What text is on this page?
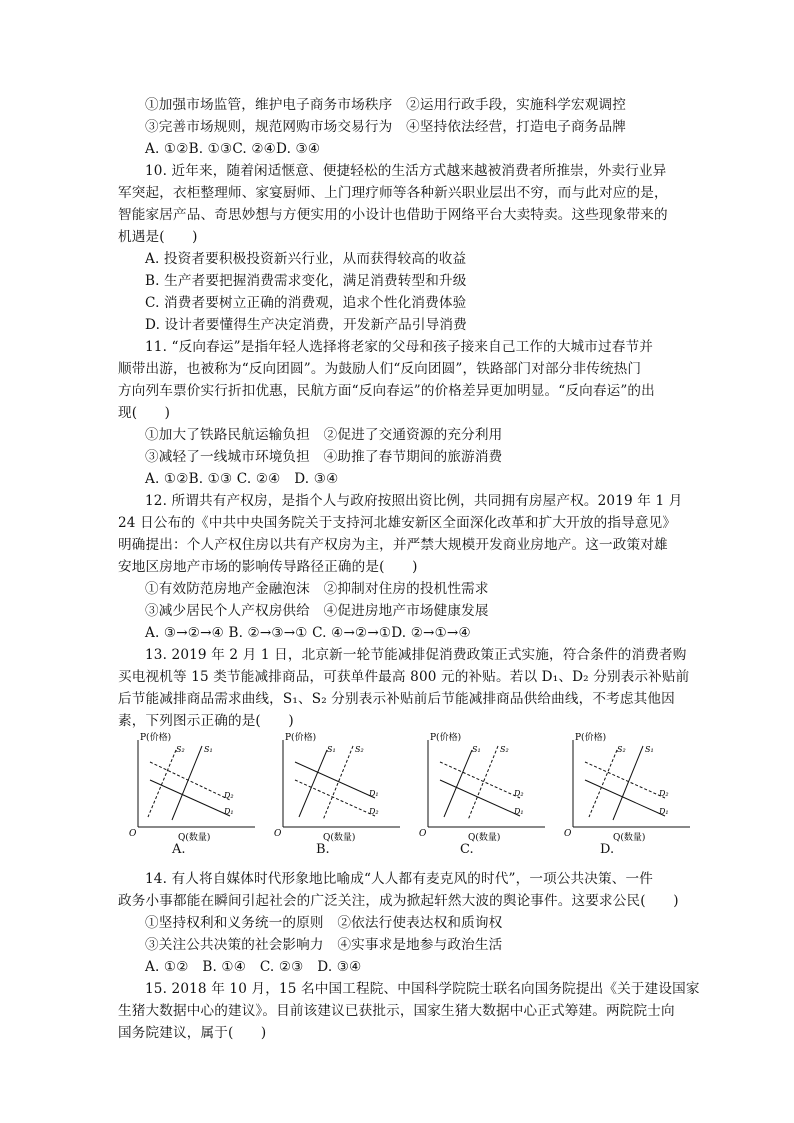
①加强市场监管，维护电子商务市场秩序　②运用行政手段，实施科学宏观调控
③完善市场规则，规范网购市场交易行为　④坚持依法经营，打造电子商务品牌
A. ①②B. ①③C. ②④D. ③④
10. 近年来，随着闲适惬意、便捷轻松的生活方式越来越被消费者所推崇，外卖行业异
军突起，衣柜整理师、家宴厨师、上门理疗师等各种新兴职业层出不穷，而与此对应的是，
智能家居产品、奇思妙想与方便实用的小设计也借助于网络平台大卖特卖。这些现象带来的
机遇是(　　)
A. 投资者要积极投资新兴行业，从而获得较高的收益
B. 生产者要把握消费需求变化，满足消费转型和升级
C. 消费者要树立正确的消费观，追求个性化消费体验
D. 设计者要懂得生产决定消费，开发新产品引导消费
11. “反向春运”是指年轻人选择将老家的父母和孩子接来自己工作的大城市过春节并
顺带出游，也被称为“反向团圆”。为鼓励人们“反向团圆”，铁路部门对部分非传统热门
方向列车票价实行折扣优惠，民航方面“反向春运”的价格差异更加明显。“反向春运”的出
现(　　)
①加大了铁路民航运输负担　②促进了交通资源的充分利用
③减轻了一线城市环境负担　④助推了春节期间的旅游消费
A. ①②B. ①③ C. ②④　D. ③④
12. 所谓共有产权房，是指个人与政府按照出资比例，共同拥有房屋产权。2019 年 1 月
24 日公布的《中共中央国务院关于支持河北雄安新区全面深化改革和扩大开放的指导意见》
明确提出：个人产权住房以共有产权房为主，并严禁大规模开发商业房地产。这一政策对雄
安地区房地产市场的影响传导路径正确的是(　　)
①有效防范房地产金融泡沫　②抑制对住房的投机性需求
③减少居民个人产权房供给　④促进房地产市场健康发展
A. ③→②→④ B. ②→③→① C. ④→②→①D. ②→①→④
13. 2019 年 2 月 1 日，北京新一轮节能减排促消费政策正式实施，符合条件的消费者购
买电视机等 15 类节能减排商品，可获单件最高 800 元的补贴。若以 D₁、D₂ 分别表示补贴前
后节能减排商品需求曲线，S₁、S₂ 分别表示补贴前后节能减排商品供给曲线，不考虑其他因
素，下列图示正确的是(　　)
P(价格)
Q(数量)
O
S₂ S₁
D₂
D₁
P(价格)
Q(数量)
O
S₁ S₂
D₁
D₂
P(价格)
Q(数量)
O
S₁ S₂
D₂
D₁
P(价格)
Q(数量)
O
S₂ S₁
D₂
D₁
A.	B.	C.	D.
14. 有人将自媒体时代形象地比喻成“人人都有麦克风的时代”，一项公共决策、一件
政务小事都能在瞬间引起社会的广泛关注，成为掀起轩然大波的舆论事件。这要求公民(　　)
①坚持权利和义务统一的原则　②依法行使表达权和质询权
③关注公共决策的社会影响力　④实事求是地参与政治生活
A. ①②　B. ①④　C. ②③　D. ③④
15. 2018 年 10 月，15 名中国工程院、中国科学院院士联名向国务院提出《关于建设国家
生猪大数据中心的建议》。目前该建议已获批示，国家生猪大数据中心正式筹建。两院院士向
国务院建议，属于(　　)
